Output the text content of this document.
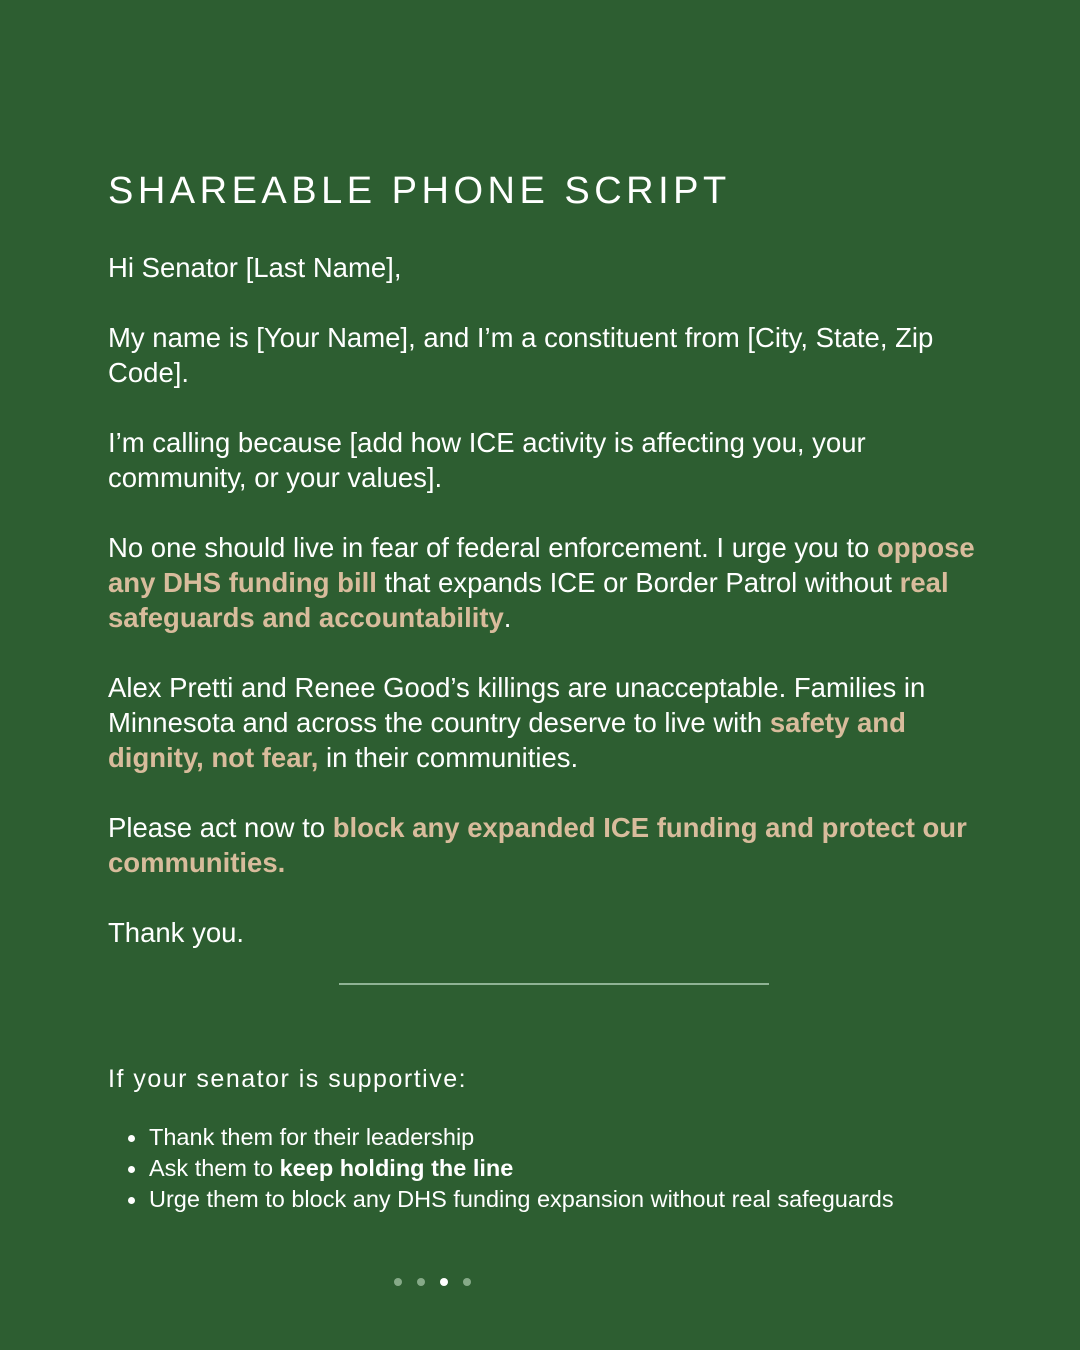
SHAREABLE PHONE SCRIPT

Hi Senator [Last Name],

My name is [Your Name], and I’m a constituent from [City, State, Zip Code].

I’m calling because [add how ICE activity is affecting you, your community, or your values].

No one should live in fear of federal enforcement. I urge you to oppose any DHS funding bill that expands ICE or Border Patrol without real safeguards and accountability.

Alex Pretti and Renee Good’s killings are unacceptable. Families in Minnesota and across the country deserve to live with safety and dignity, not fear, in their communities.

Please act now to block any expanded ICE funding and protect our communities.

Thank you.

If your senator is supportive:
Thank them for their leadership
Ask them to keep holding the line
Urge them to block any DHS funding expansion without real safeguards
